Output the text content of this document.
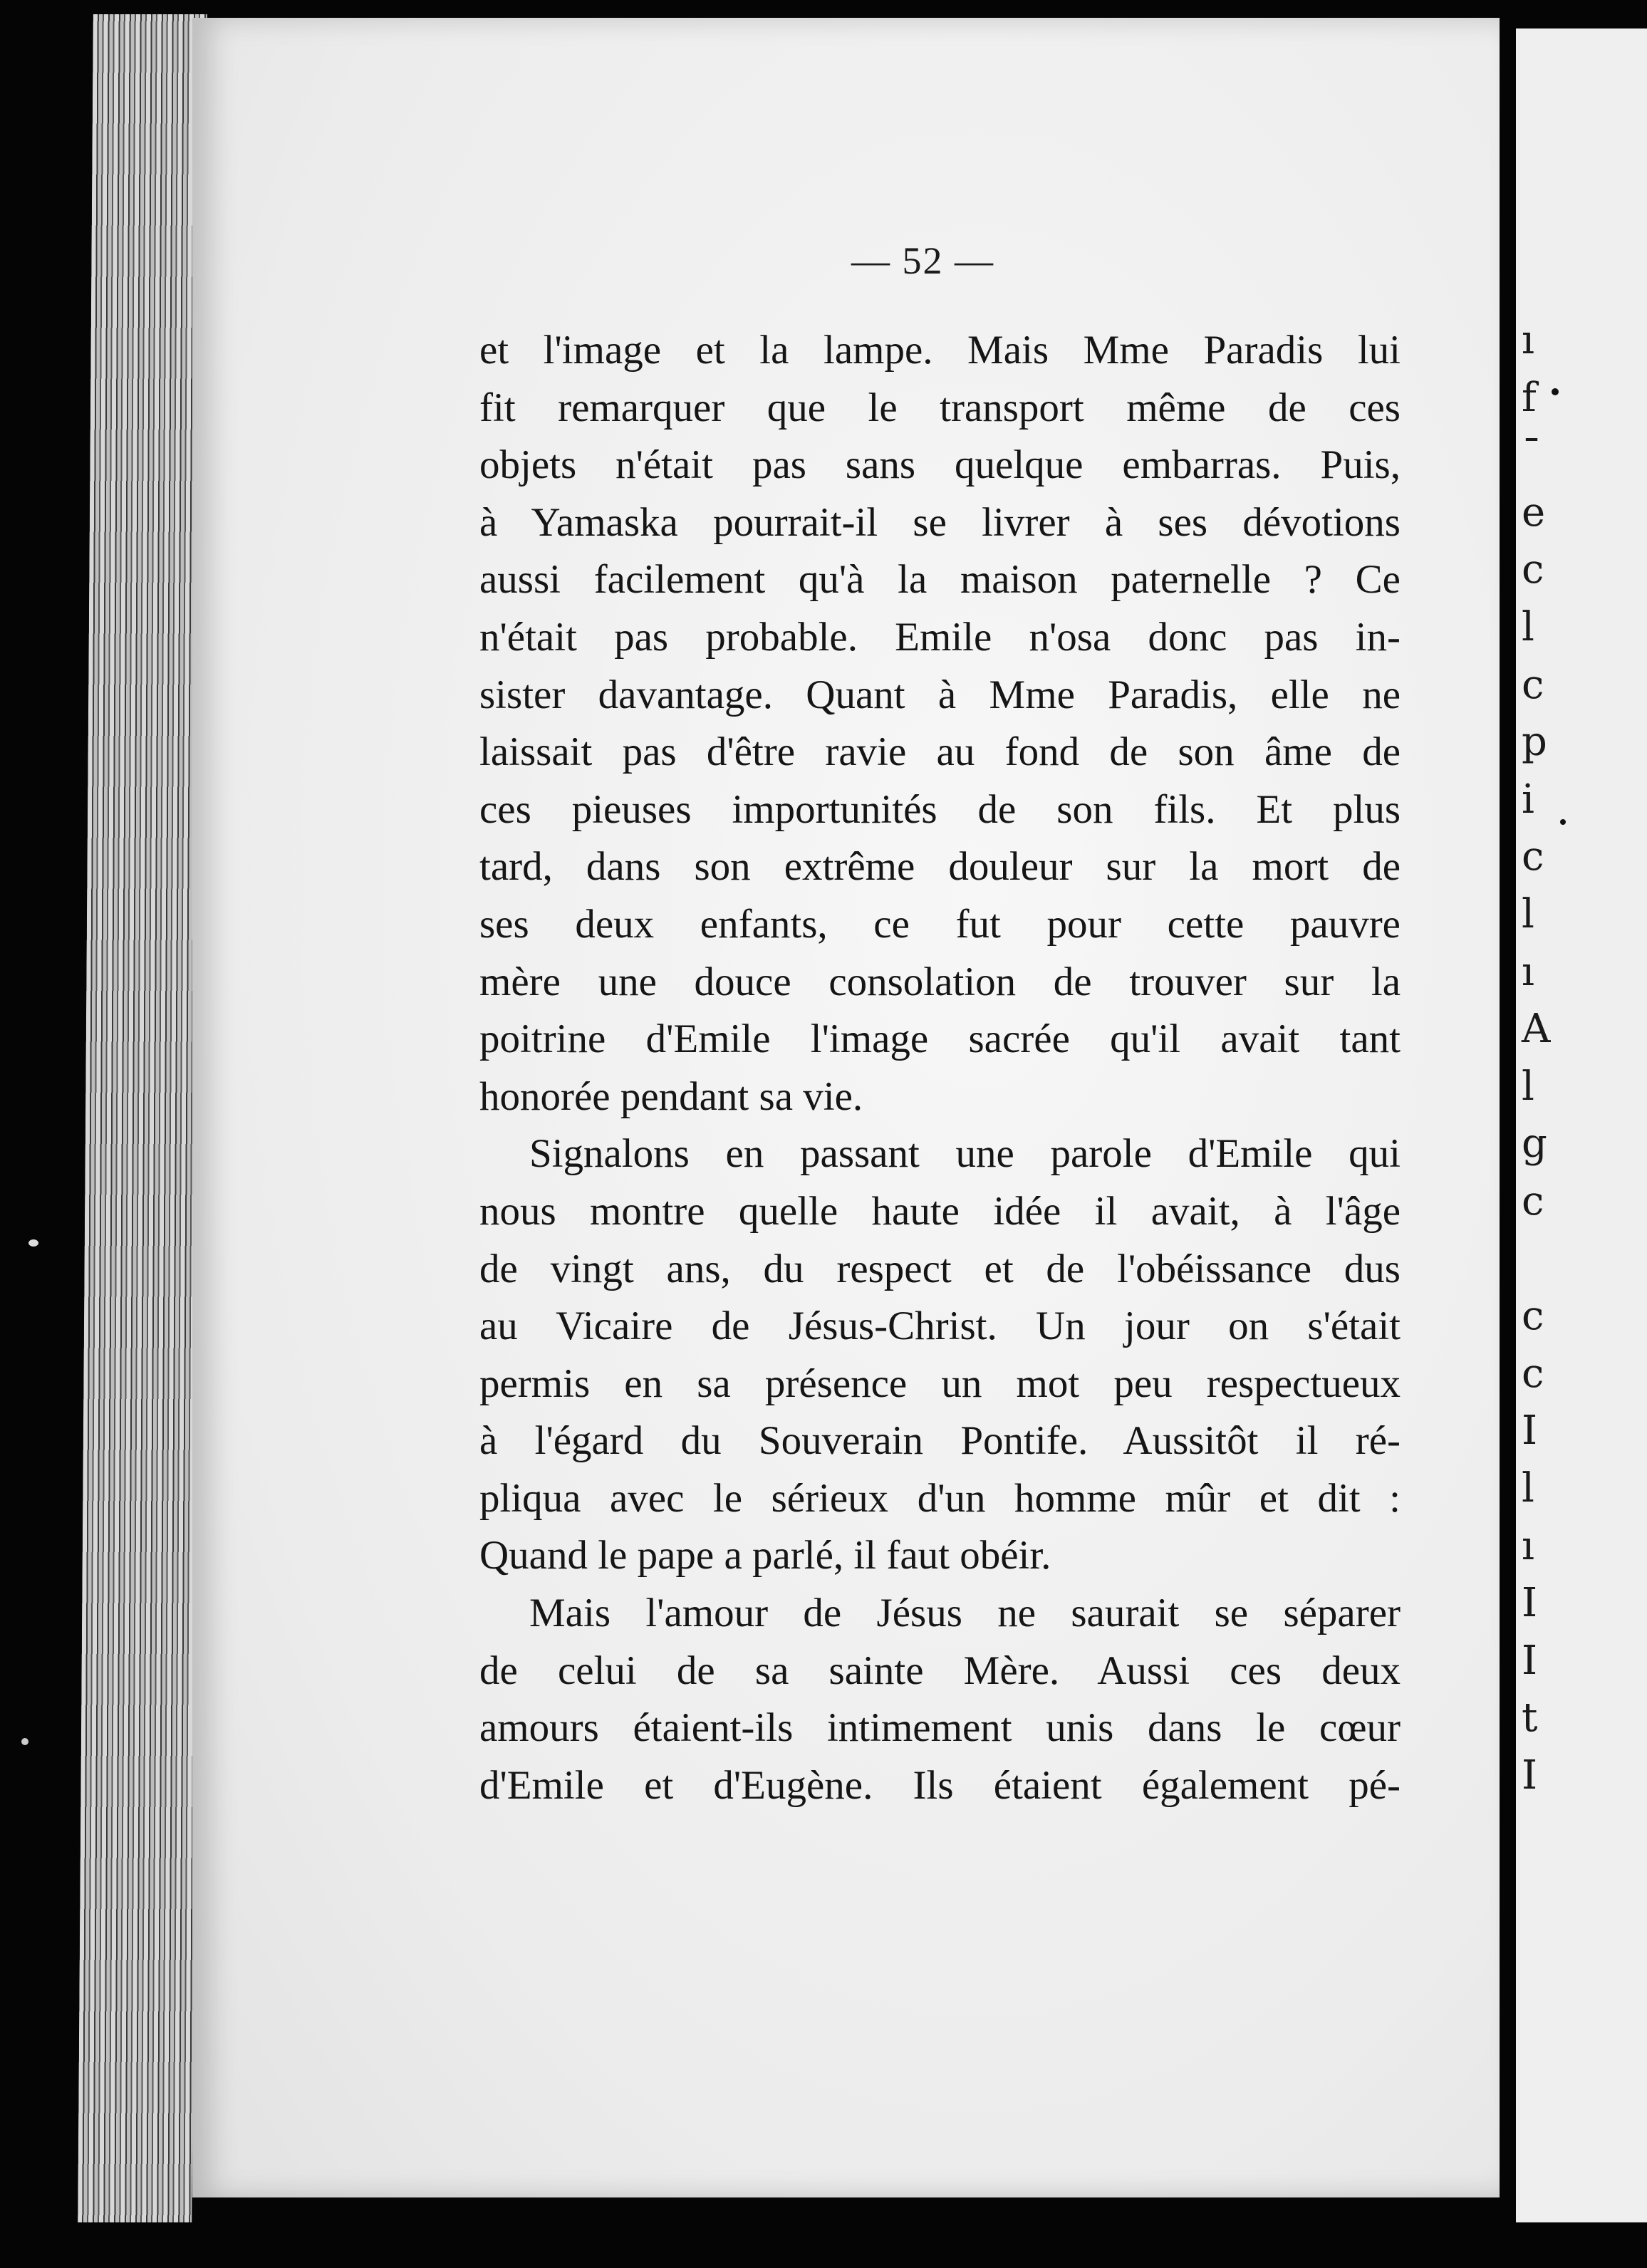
— 52 —
et l'image et la lampe. Mais Mme Paradis lui
fit remarquer que le transport même de ces
objets n'était pas sans quelque embarras. Puis,
à Yamaska pourrait-il se livrer à ses dévotions
aussi facilement qu'à la maison paternelle ? Ce
n'était pas probable. Emile n'osa donc pas in-
sister davantage. Quant à Mme Paradis, elle ne
laissait pas d'être ravie au fond de son âme de
ces pieuses importunités de son fils. Et plus
tard, dans son extrême douleur sur la mort de
ses deux enfants, ce fut pour cette pauvre
mère une douce consolation de trouver sur la
poitrine d'Emile l'image sacrée qu'il avait tant
honorée pendant sa vie.
Signalons en passant une parole d'Emile qui
nous montre quelle haute idée il avait, à l'âge
de vingt ans, du respect et de l'obéissance dus
au Vicaire de Jésus-Christ. Un jour on s'était
permis en sa présence un mot peu respectueux
à l'égard du Souverain Pontife. Aussitôt il ré-
pliqua avec le sérieux d'un homme mûr et dit :
Quand le pape a parlé, il faut obéir.
Mais l'amour de Jésus ne saurait se séparer
de celui de sa sainte Mère. Aussi ces deux
amours étaient-ils intimement unis dans le cœur
d'Emile et d'Eugène. Ils étaient également pé-
ı
f
ˉ
e
c
l
c
p
i
c
l
ı
A
l
g
c
c
c
I
l
ı
I
I
t
I
